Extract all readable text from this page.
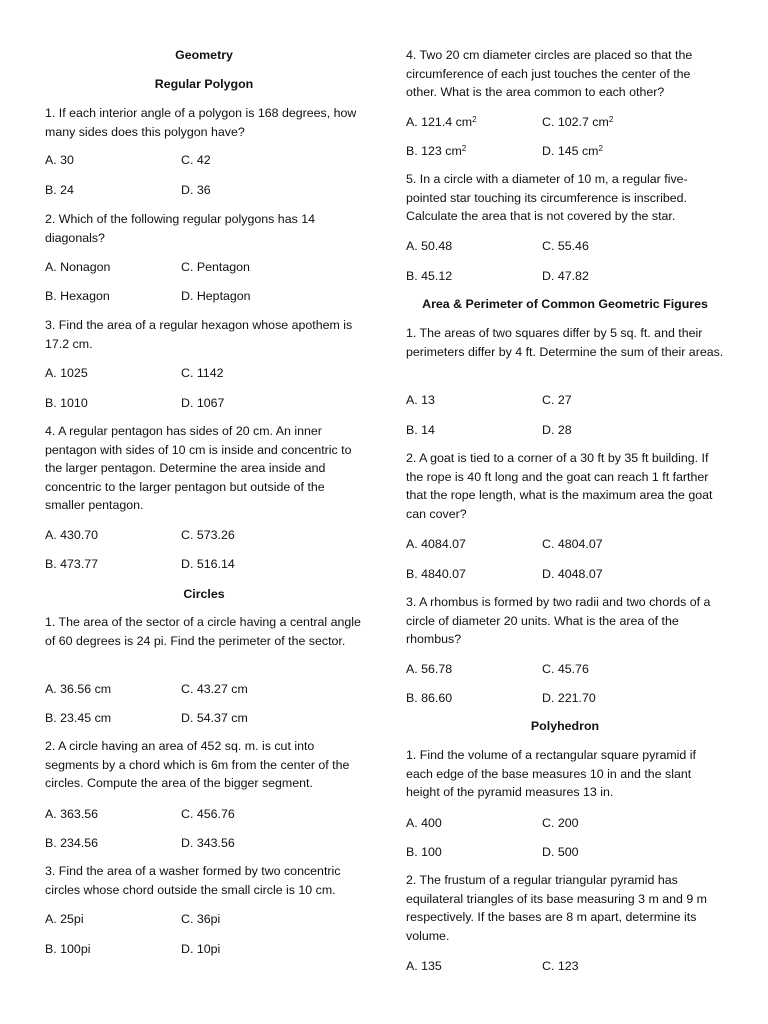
Geometry
Regular Polygon
1. If each interior angle of a polygon is 168 degrees, how many sides does this polygon have?
A. 30	C. 42
B. 24	D. 36
2. Which of the following regular polygons has 14 diagonals?
A. Nonagon	C. Pentagon
B. Hexagon	D. Heptagon
3. Find the area of a regular hexagon whose apothem is 17.2 cm.
A. 1025	C. 1142
B. 1010	D. 1067
4. A regular pentagon has sides of 20 cm. An inner pentagon with sides of 10 cm is inside and concentric to the larger pentagon. Determine the area inside and concentric to the larger pentagon but outside of the smaller pentagon.
A. 430.70	C. 573.26
B. 473.77	D. 516.14
Circles
1. The area of the sector of a circle having a central angle of 60 degrees is 24 pi. Find the perimeter of the sector.
A. 36.56 cm	C. 43.27 cm
B. 23.45 cm	D. 54.37 cm
2. A circle having an area of 452 sq. m. is cut into segments by a chord which is 6m from the center of the circles. Compute the area of the bigger segment.
A. 363.56	C. 456.76
B. 234.56	D. 343.56
3. Find the area of a washer formed by two concentric circles whose chord outside the small circle is 10 cm.
A. 25pi	C. 36pi
B. 100pi	D. 10pi
4. Two 20 cm diameter circles are placed so that the circumference of each just touches the center of the other. What is the area common to each other?
A. 121.4 $cm^2$	C. 102.7 $cm^2$
B. 123 $cm^2$	D. 145 $cm^2$
5. In a circle with a diameter of 10 m, a regular five-pointed star touching its circumference is inscribed. Calculate the area that is not covered by the star.
A. 50.48	C. 55.46
B. 45.12	D. 47.82
Area & Perimeter of Common Geometric Figures
1. The areas of two squares differ by 5 sq. ft. and their perimeters differ by 4 ft. Determine the sum of their areas.
A. 13	C. 27
B. 14	D. 28
2. A goat is tied to a corner of a 30 ft by 35 ft building. If the rope is 40 ft long and the goat can reach 1 ft farther that the rope length, what is the maximum area the goat can cover?
A. 4084.07	C. 4804.07
B. 4840.07	D. 4048.07
3. A rhombus is formed by two radii and two chords of a circle of diameter 20 units. What is the area of the rhombus?
A. 56.78	C. 45.76
B. 86.60	D. 221.70
Polyhedron
1. Find the volume of a rectangular square pyramid if each edge of the base measures 10 in and the slant height of the pyramid measures 13 in.
A. 400	C. 200
B. 100	D. 500
2. The frustum of a regular triangular pyramid has equilateral triangles of its base measuring 3 m and 9 m respectively. If the bases are 8 m apart, determine its volume.
A. 135	C. 123
